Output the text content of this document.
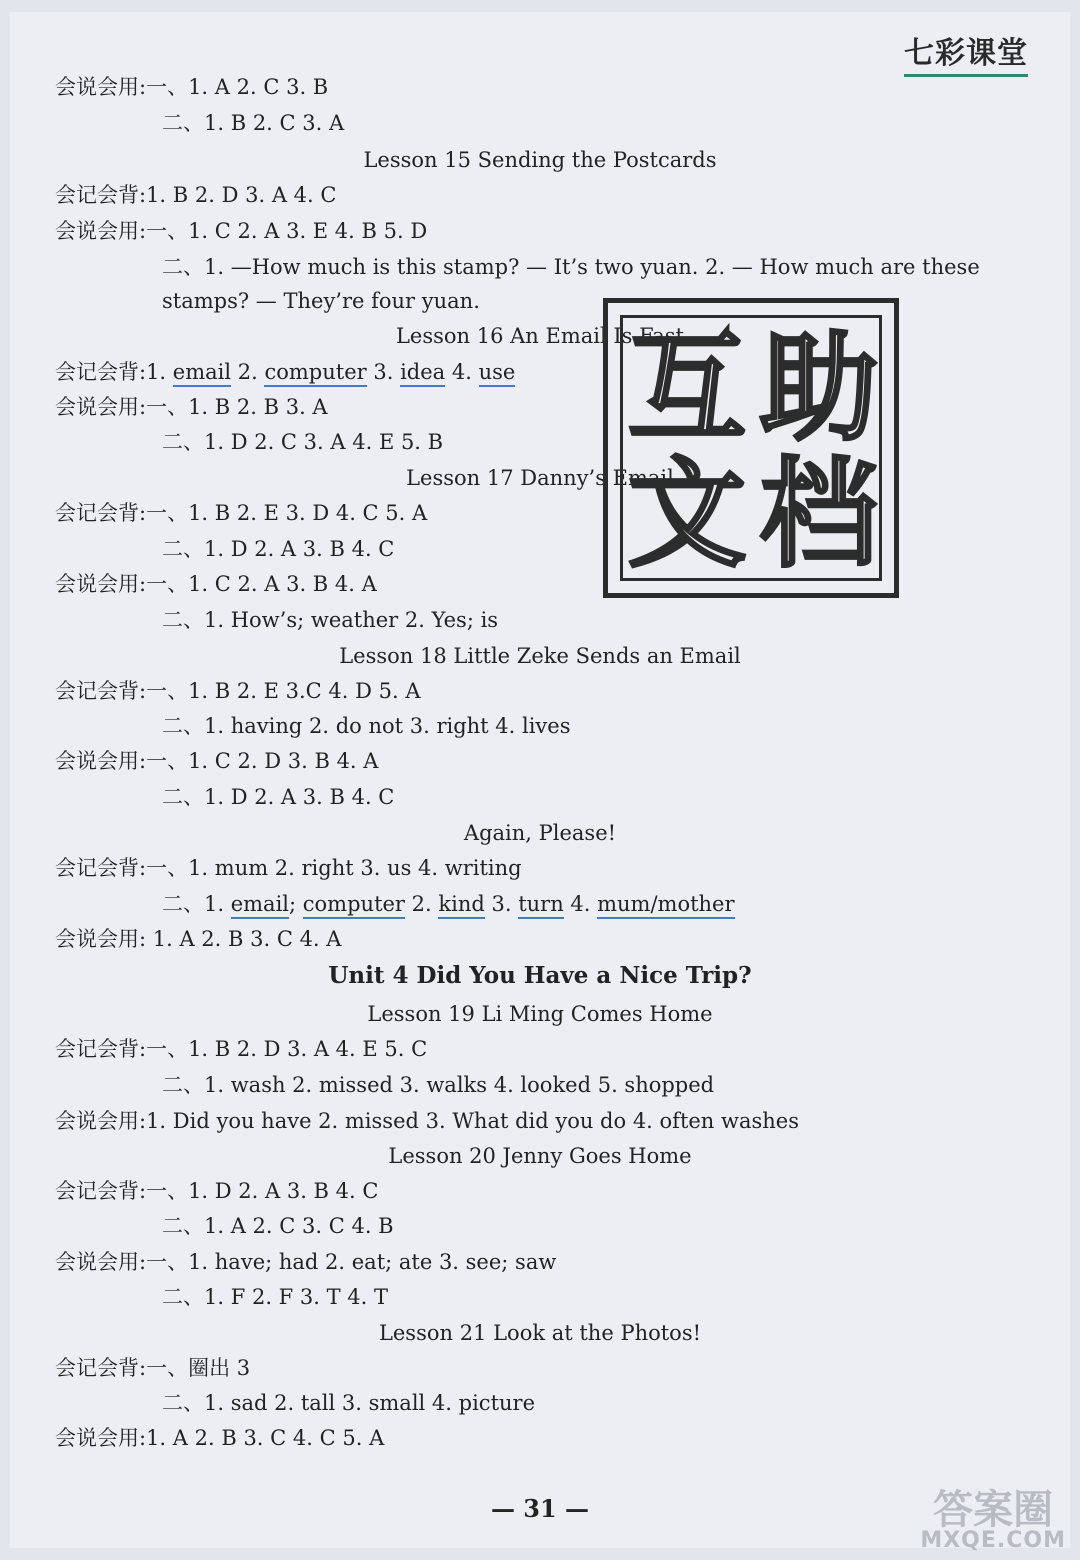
七彩课堂
会说会用:一、1. A 2. C 3. B
二、1. B 2. C 3. A
Lesson 15 Sending the Postcards
会记会背:1. B 2. D 3. A 4. C
会说会用:一、1. C 2. A 3. E 4. B 5. D
二、1. —How much is this stamp? — It’s two yuan. 2. — How much are these
stamps? — They’re four yuan.
Lesson 16 An Email Is Fast
会记会背:1. email 2. computer 3. idea 4. use
会说会用:一、1. B 2. B 3. A
二、1. D 2. C 3. A 4. E 5. B
Lesson 17 Danny’s Email
会记会背:一、1. B 2. E 3. D 4. C 5. A
二、1. D 2. A 3. B 4. C
会说会用:一、1. C 2. A 3. B 4. A
二、1. How’s; weather 2. Yes; is
Lesson 18 Little Zeke Sends an Email
会记会背:一、1. B 2. E 3.C 4. D 5. A
二、1. having 2. do not 3. right 4. lives
会说会用:一、1. C 2. D 3. B 4. A
二、1. D 2. A 3. B 4. C
Again, Please!
会记会背:一、1. mum 2. right 3. us 4. writing
二、1. email; computer 2. kind 3. turn 4. mum/mother
会说会用: 1. A 2. B 3. C 4. A
Unit 4 Did You Have a Nice Trip?
Lesson 19 Li Ming Comes Home
会记会背:一、1. B 2. D 3. A 4. E 5. C
二、1. wash 2. missed 3. walks 4. looked 5. shopped
会说会用:1. Did you have 2. missed 3. What did you do 4. often washes
Lesson 20 Jenny Goes Home
会记会背:一、1. D 2. A 3. B 4. C
二、1. A 2. C 3. C 4. B
会说会用:一、1. have; had 2. eat; ate 3. see; saw
二、1. F 2. F 3. T 4. T
Lesson 21 Look at the Photos!
会记会背:一、圈出 3
二、1. sad 2. tall 3. small 4. picture
会说会用:1. A 2. B 3. C 4. C 5. A
互 助
文 档
— 31 —	答案圈
MXQE.COM
